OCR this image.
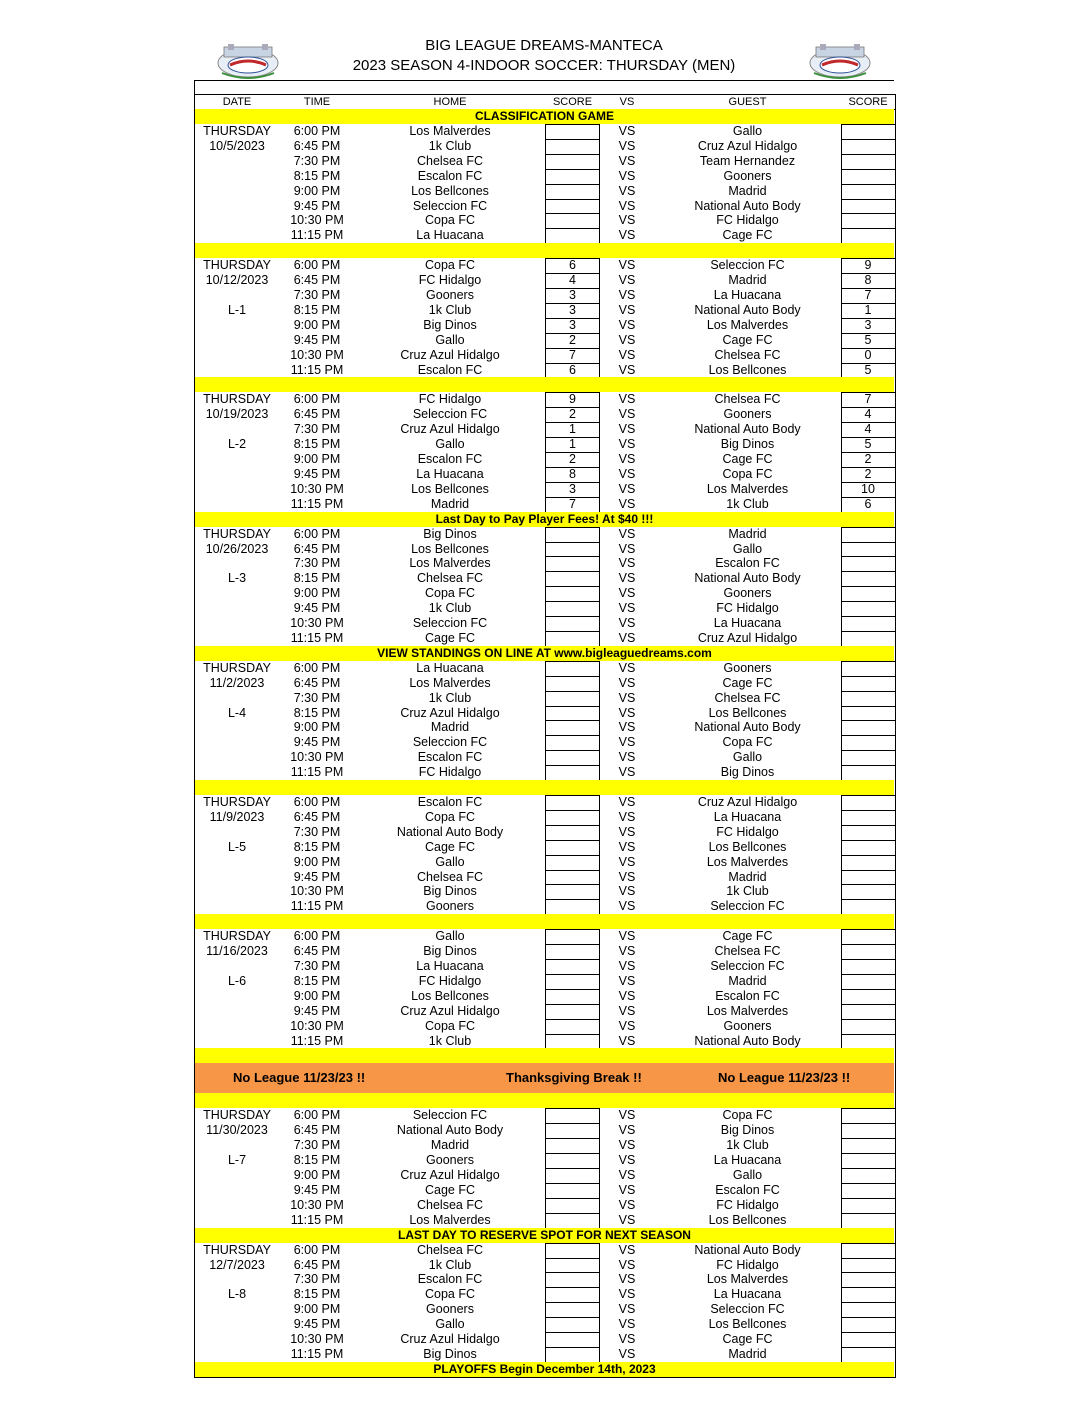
BIG LEAGUE DREAMS-MANTECA
2023 SEASON 4-INDOOR SOCCER: THURSDAY (MEN)
DATE	TIME	HOME	SCORE	VS	GUEST	SCORE
CLASSIFICATION GAME
THURSDAY	6:00 PM	Los Malverdes	VS	Gallo
10/5/2023	6:45 PM	1k Club	VS	Cruz Azul Hidalgo
7:30 PM	Chelsea FC	VS	Team Hernandez
8:15 PM	Escalon FC	VS	Gooners
9:00 PM	Los Bellcones	VS	Madrid
9:45 PM	Seleccion FC	VS	National Auto Body
10:30 PM	Copa FC	VS	FC Hidalgo
11:15 PM	La Huacana	VS	Cage FC
THURSDAY	6:00 PM	Copa FC	6	VS	Seleccion FC	9
10/12/2023	6:45 PM	FC Hidalgo	4	VS	Madrid	8
7:30 PM	Gooners	3	VS	La Huacana	7
L-1	8:15 PM	1k Club	3	VS	National Auto Body	1
9:00 PM	Big Dinos	3	VS	Los Malverdes	3
9:45 PM	Gallo	2	VS	Cage FC	5
10:30 PM	Cruz Azul Hidalgo	7	VS	Chelsea FC	0
11:15 PM	Escalon FC	6	VS	Los Bellcones	5
THURSDAY	6:00 PM	FC Hidalgo	9	VS	Chelsea FC	7
10/19/2023	6:45 PM	Seleccion FC	2	VS	Gooners	4
7:30 PM	Cruz Azul Hidalgo	1	VS	National Auto Body	4
L-2	8:15 PM	Gallo	1	VS	Big Dinos	5
9:00 PM	Escalon FC	2	VS	Cage FC	2
9:45 PM	La Huacana	8	VS	Copa FC	2
10:30 PM	Los Bellcones	3	VS	Los Malverdes	10
11:15 PM	Madrid	7	VS	1k Club	6
Last Day to Pay Player Fees! At $40 !!!
THURSDAY	6:00 PM	Big Dinos	VS	Madrid
10/26/2023	6:45 PM	Los Bellcones	VS	Gallo
7:30 PM	Los Malverdes	VS	Escalon FC
L-3	8:15 PM	Chelsea FC	VS	National Auto Body
9:00 PM	Copa FC	VS	Gooners
9:45 PM	1k Club	VS	FC Hidalgo
10:30 PM	Seleccion FC	VS	La Huacana
11:15 PM	Cage FC	VS	Cruz Azul Hidalgo
VIEW STANDINGS ON LINE AT www.bigleaguedreams.com
THURSDAY	6:00 PM	La Huacana	VS	Gooners
11/2/2023	6:45 PM	Los Malverdes	VS	Cage FC
7:30 PM	1k Club	VS	Chelsea FC
L-4	8:15 PM	Cruz Azul Hidalgo	VS	Los Bellcones
9:00 PM	Madrid	VS	National Auto Body
9:45 PM	Seleccion FC	VS	Copa FC
10:30 PM	Escalon FC	VS	Gallo
11:15 PM	FC Hidalgo	VS	Big Dinos
THURSDAY	6:00 PM	Escalon FC	VS	Cruz Azul Hidalgo
11/9/2023	6:45 PM	Copa FC	VS	La Huacana
7:30 PM	National Auto Body	VS	FC Hidalgo
L-5	8:15 PM	Cage FC	VS	Los Bellcones
9:00 PM	Gallo	VS	Los Malverdes
9:45 PM	Chelsea FC	VS	Madrid
10:30 PM	Big Dinos	VS	1k Club
11:15 PM	Gooners	VS	Seleccion FC
THURSDAY	6:00 PM	Gallo	VS	Cage FC
11/16/2023	6:45 PM	Big Dinos	VS	Chelsea FC
7:30 PM	La Huacana	VS	Seleccion FC
L-6	8:15 PM	FC Hidalgo	VS	Madrid
9:00 PM	Los Bellcones	VS	Escalon FC
9:45 PM	Cruz Azul Hidalgo	VS	Los Malverdes
10:30 PM	Copa FC	VS	Gooners
11:15 PM	1k Club	VS	National Auto Body
No League 11/23/23 !!	Thanksgiving Break !!	No League 11/23/23 !!
THURSDAY	6:00 PM	Seleccion FC	VS	Copa FC
11/30/2023	6:45 PM	National Auto Body	VS	Big Dinos
7:30 PM	Madrid	VS	1k Club
L-7	8:15 PM	Gooners	VS	La Huacana
9:00 PM	Cruz Azul Hidalgo	VS	Gallo
9:45 PM	Cage FC	VS	Escalon FC
10:30 PM	Chelsea FC	VS	FC Hidalgo
11:15 PM	Los Malverdes	VS	Los Bellcones
LAST DAY TO RESERVE SPOT FOR NEXT SEASON
THURSDAY	6:00 PM	Chelsea FC	VS	National Auto Body
12/7/2023	6:45 PM	1k Club	VS	FC Hidalgo
7:30 PM	Escalon FC	VS	Los Malverdes
L-8	8:15 PM	Copa FC	VS	La Huacana
9:00 PM	Gooners	VS	Seleccion FC
9:45 PM	Gallo	VS	Los Bellcones
10:30 PM	Cruz Azul Hidalgo	VS	Cage FC
11:15 PM	Big Dinos	VS	Madrid
PLAYOFFS Begin December 14th, 2023
